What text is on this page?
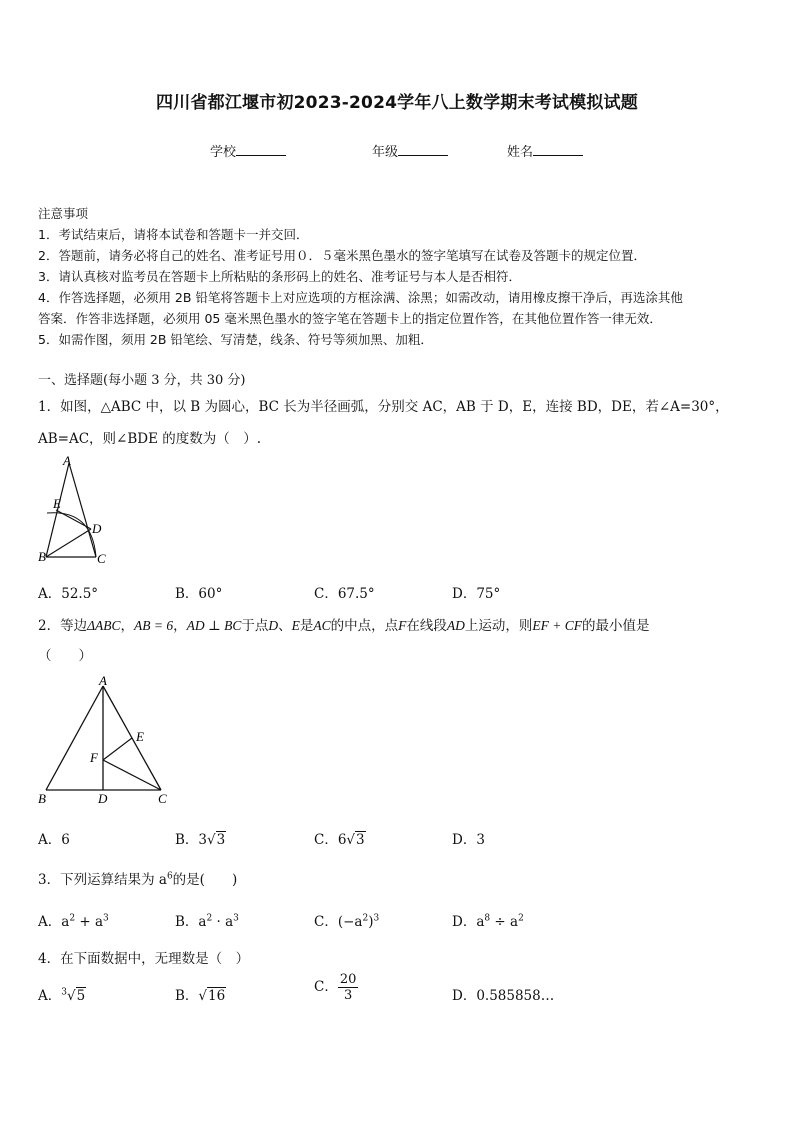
四川省都江堰市初2023-2024学年八上数学期末考试模拟试题
学校	年级	姓名
注意事项
1．考试结束后，请将本试卷和答题卡一并交回．
2．答题前，请务必将自己的姓名、准考证号用０．５毫米黑色墨水的签字笔填写在试卷及答题卡的规定位置．
3．请认真核对监考员在答题卡上所粘贴的条形码上的姓名、准考证号与本人是否相符．
4．作答选择题，必须用 2B 铅笔将答题卡上对应选项的方框涂满、涂黑；如需改动，请用橡皮擦干净后，再选涂其他
答案．作答非选择题，必须用 05 毫米黑色墨水的签字笔在答题卡上的指定位置作答，在其他位置作答一律无效．
5．如需作图，须用 2B 铅笔绘、写清楚，线条、符号等须加黑、加粗．
一、选择题(每小题 3 分，共 30 分)
1．如图，△ABC 中，以 B 为圆心，BC 长为半径画弧，分别交 AC，AB 于 D，E，连接 BD，DE，若∠A=30°，
AB=AC，则∠BDE 的度数为（　）.
A
E
D
B	C
A．52.5°	B．60°	C．67.5°	D．75°
2．等边ΔABC，AB = 6，AD ⊥ BC于点D、E是AC的中点，点F在线段AD上运动，则EF + CF的最小值是
（　　）
A
E
F
B	D	C
A．6	B．3√3	C．6√3	D．3
3．下列运算结果为 $a^6$的是(　　)
A．$a^2 + a^3$	B．$a^2 \cdot a^3$	C．$(-a^2)^3$	D．$a^8 \div a^2$
4．在下面数据中，无理数是（　）
A．$^3$√5	B．√16
C． $\frac{20}{3}$	D．0.585858…
